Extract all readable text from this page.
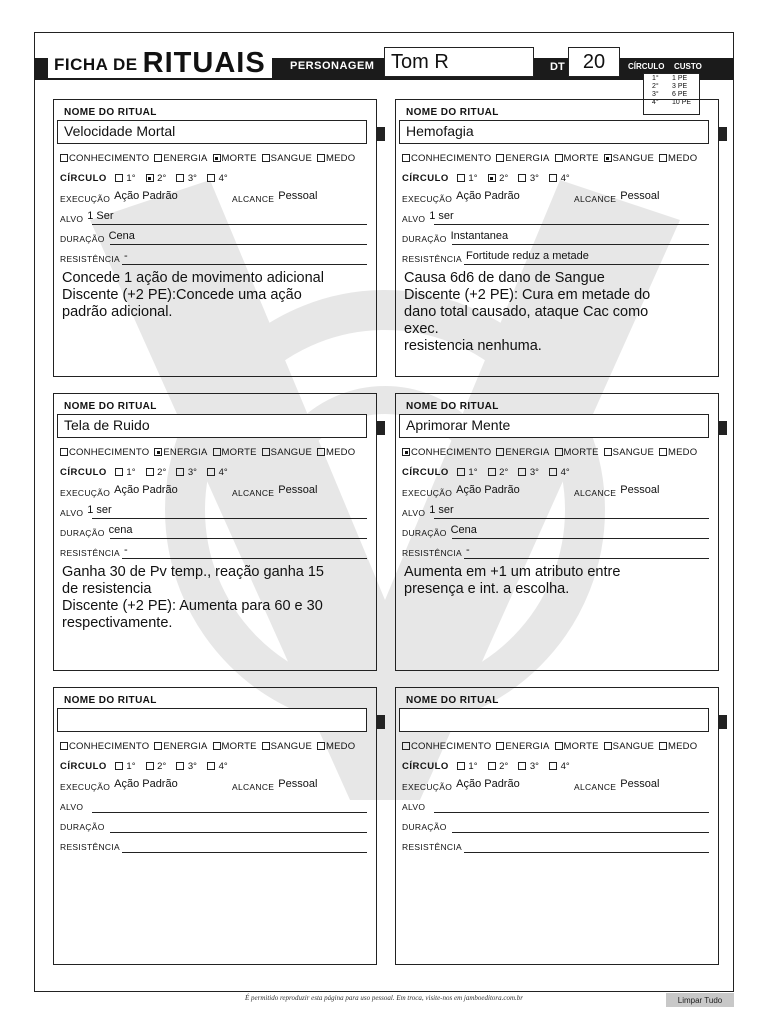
FICHA DE RITUAIS PERSONAGEM Tom R	DT 20	CÍRCULO CUSTO
1° 1 PE
2° 3 PE
3° 6 PE
4° 10 PE
NOME DO RITUAL
Velocidade Mortal
CONHECIMENTO ENERGIA MORTE SANGUE MEDO
CÍRCULO 1° 2° 3° 4°
EXECUÇÃO Ação Padrão	ALCANCE Pessoal
ALVO 1 Ser
DURAÇÃO Cena
RESISTÊNCIA -
Concede 1 ação de movimento adicional
Discente (+2 PE):Concede uma ação
padrão adicional.
NOME DO RITUAL
Hemofagia
CONHECIMENTO ENERGIA MORTE SANGUE MEDO
CÍRCULO 1° 2° 3° 4°
EXECUÇÃO Ação Padrão	ALCANCE Pessoal
ALVO 1 ser
DURAÇÃO Instantanea
RESISTÊNCIA Fortitude reduz a metade
Causa 6d6 de dano de Sangue
Discente (+2 PE): Cura em metade do
dano total causado, ataque Cac como
exec.
resistencia nenhuma.
NOME DO RITUAL
Tela de Ruido
CONHECIMENTO ENERGIA MORTE SANGUE MEDO
CÍRCULO 1° 2° 3° 4°
EXECUÇÃO Ação Padrão	ALCANCE Pessoal
ALVO 1 ser
DURAÇÃO cena
RESISTÊNCIA -
Ganha 30 de Pv temp., reação ganha 15
de resistencia
Discente (+2 PE): Aumenta para 60 e 30
respectivamente.
NOME DO RITUAL
Aprimorar Mente
CONHECIMENTO ENERGIA MORTE SANGUE MEDO
CÍRCULO 1° 2° 3° 4°
EXECUÇÃO Ação Padrão	ALCANCE Pessoal
ALVO 1 ser
DURAÇÃO Cena
RESISTÊNCIA -
Aumenta em +1 um atributo entre
presença e int. a escolha.
NOME DO RITUAL
CONHECIMENTO ENERGIA MORTE SANGUE MEDO
CÍRCULO 1° 2° 3° 4°
EXECUÇÃO Ação Padrão	ALCANCE Pessoal
ALVO
DURAÇÃO
RESISTÊNCIA
NOME DO RITUAL
CONHECIMENTO ENERGIA MORTE SANGUE MEDO
CÍRCULO 1° 2° 3° 4°
EXECUÇÃO Ação Padrão	ALCANCE Pessoal
ALVO
DURAÇÃO
RESISTÊNCIA
É permitido reproduzir esta página para uso pessoal. Em troca, visite-nos em jamboeditora.com.br	Limpar Tudo
